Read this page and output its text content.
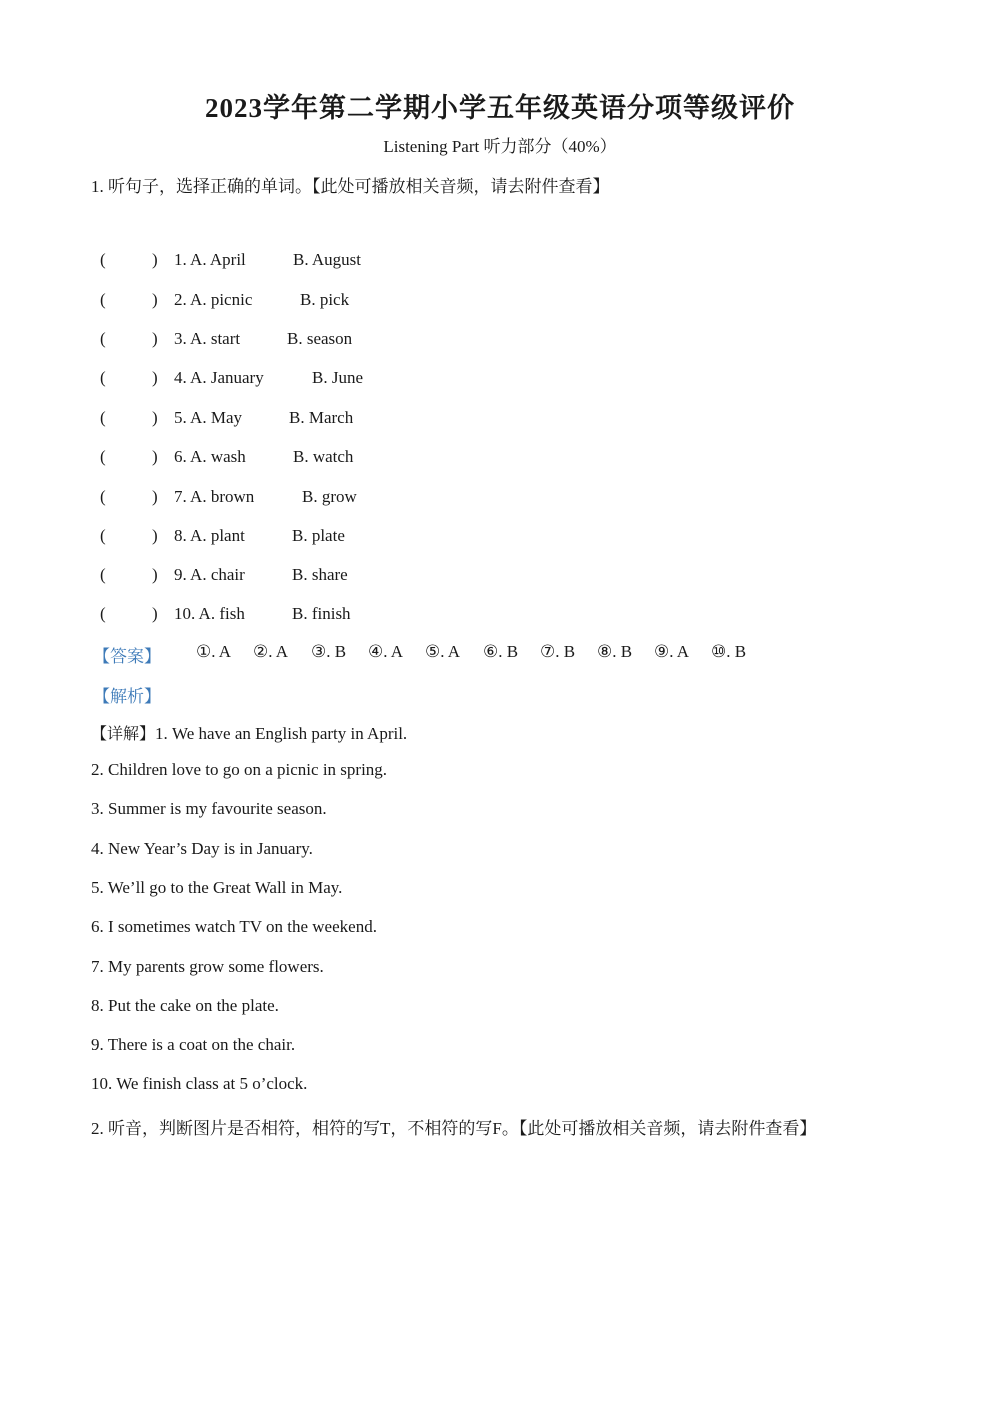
2023学年第二学期小学五年级英语分项等级评价
Listening Part 听力部分（40%）
1. 听句子，选择正确的单词。【此处可播放相关音频，请去附件查看】
(	) 1. A. April	B. August
(	) 2. A. picnic	B. pick
(	) 3. A. start	B. season
(	) 4. A. January	B. June
(	) 5. A. May	B. March
(	) 6. A. wash	B. watch
(	) 7. A. brown	B. grow
(	) 8. A. plant	B. plate
(	) 9. A. chair	B. share
(	) 10. A. fish	B. finish
【答案】 ①. A ②. A ③. B ④. A ⑤. A ⑥. B ⑦. B ⑧. B ⑨. A ⑩. B
【解析】
【详解】1. We have an English party in April.
2. Children love to go on a picnic in spring.
3. Summer is my favourite season.
4. New Year’s Day is in January.
5. We’ll go to the Great Wall in May.
6. I sometimes watch TV on the weekend.
7. My parents grow some flowers.
8. Put the cake on the plate.
9. There is a coat on the chair.
10. We finish class at 5 o’clock.
2. 听音，判断图片是否相符，相符的写T，不相符的写F。【此处可播放相关音频，请去附件查看】
